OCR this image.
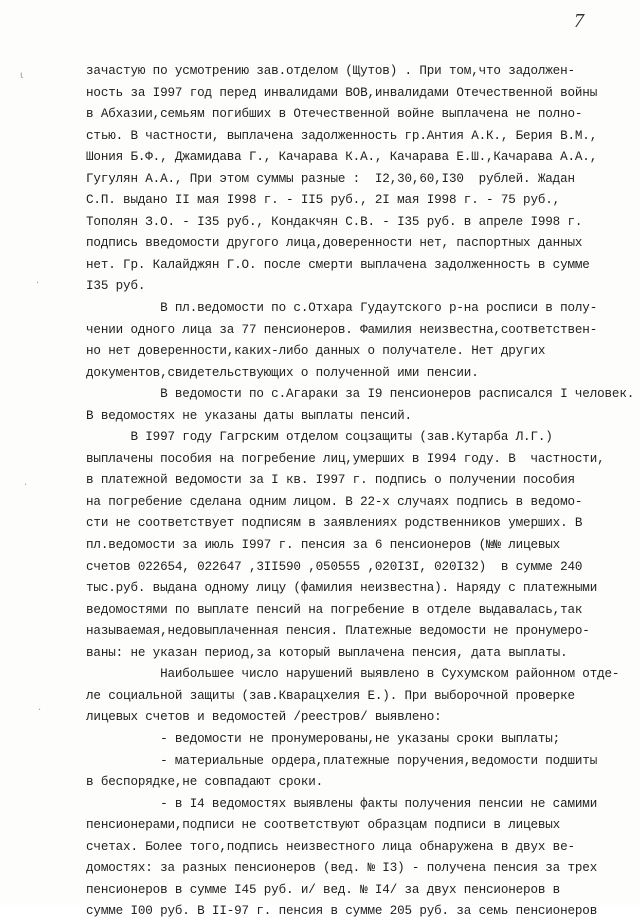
7
ι
·
·
·
зачастую по усмотрению зав.отделом (Щутов) . При том,что задолжен-
ность за I997 год перед инвалидами ВОВ,инвалидами Отечественной войны
в Абхазии,семьям погибших в Отечественной войне выплачена не полно-
стью. В частности, выплачена задолженность гр.Антия А.К., Берия В.М.,
Шония Б.Ф., Джамидава Г., Качарава К.А., Качарава Е.Ш.,Качарава А.А.,
Гугулян А.А., При этом суммы разные :  I2,30,60,I30  рублей. Жадан
С.П. выдано II мая I998 г. - II5 руб., 2I мая I998 г. - 75 руб.,
Тополян З.О. - I35 руб., Кондакчян С.В. - I35 руб. в апреле I998 г.
подпись введомости другого лица,доверенности нет, паспортных данных
нет. Гр. Калайджян Г.О. после смерти выплачена задолженность в сумме
I35 руб.
В пл.ведомости по с.Отхара Гудаутского р-на росписи в полу-
чении одного лица за 77 пенсионеров. Фамилия неизвестна,соответствен-
но нет доверенности,каких-либо данных о получателе. Нет других
документов,свидетельствующих о полученной ими пенсии.
В ведомости по с.Агараки за I9 пенсионеров расписался I человек.
В ведомостях не указаны даты выплаты пенсий.
В I997 году Гагрским отделом соцзащиты (зав.Кутарба Л.Г.)
выплачены пособия на погребение лиц,умерших в I994 году. В  частности,
в платежной ведомости за I кв. I997 г. подпись о получении пособия
на погребение сделана одним лицом. В 22-х случаях подпись в ведомо-
сти не соответствует подписям в заявлениях родственников умерших. В
пл.ведомости за июль I997 г. пенсия за 6 пенсионеров (№№ лицевых
счетов 022654, 022647 ,3II590 ,050555 ,020I3I, 020I32)  в сумме 240
тыс.руб. выдана одному лицу (фамилия неизвестна). Наряду с платежными
ведомостями по выплате пенсий на погребение в отделе выдавалась,так
называемая,недовыплаченная пенсия. Платежные ведомости не пронумеро-
ваны: не указан период,за который выплачена пенсия, дата выплаты.
Наибольшее число нарушений выявлено в Сухумском районном отде-
ле социальной защиты (зав.Кварацхелия Е.). При выборочной проверке
лицевых счетов и ведомостей /реестров/ выявлено:
- ведомости не пронумерованы,не указаны сроки выплаты;
- материальные ордера,платежные поручения,ведомости подшиты
в беспорядке,не совпадают сроки.
- в I4 ведомостях выявлены факты получения пенсии не самими
пенсионерами,подписи не соответствуют образцам подписи в лицевых
счетах. Более того,подпись неизвестного лица обнаружена в двух ве-
домостях: за разных пенсионеров (вед. № I3) - получена пенсия за трех
пенсионеров в сумме I45 руб. и/ вед. № I4/ за двух пенсионеров в
сумме I00 руб. В II-97 г. пенсия в сумме 205 руб. за семь пенсионеров
